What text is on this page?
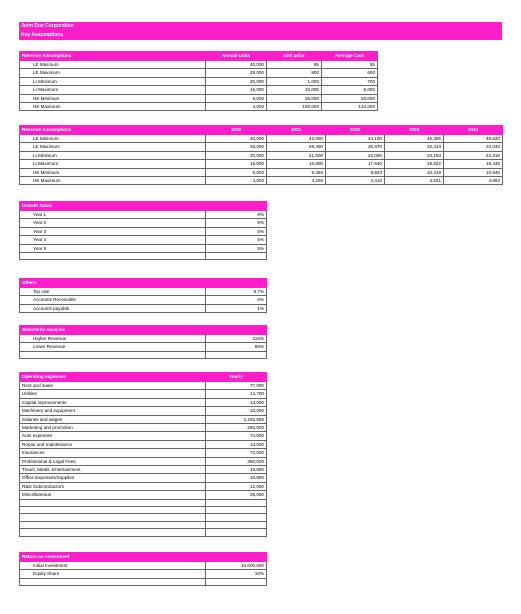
John Doe Corporation
Key Assumptions
Revenue Assumptions	Annual Units	Unit price	Average Cost
LE Minimum	40,000	95	55
LE Maximum	28,000	800	600
LI Minimum	20,000	1,000	700
LI Maximum	16,000	10,000	8,000
HE Minimum	9,000	25,000	20,000
HE Maximum	4,000	150,000	142,000
Revenue Assumptions	2020	2021	2022	2023	2024
LE Minimum	40,000	42,000	44,100	46,305	48,620
LE Maximum	28,000	29,400	30,870	32,414	34,034
LI Minimum	20,000	21,000	22,050	23,153	24,310
LI Maximum	16,000	16,800	17,640	18,522	19,448
HE Minimum	9,000	9,450	9,923	10,419	10,940
HE Maximum	4,000	4,200	4,410	4,631	4,862
Growth Rates	
Year 1	0%
Year 2	5%
Year 3	5%
Year 4	5%
Year 5	5%

Others	
Tax rate	8.7%
Accounts Receivable	5%
Accounts payable	1%
Sensitivity Analysis	
Higher Revenue	115%
Lower Revenue	85%

Operating expenses	Yearly
Rent and lease	77,000
Utilities	14,700
Capital improvements	13,000
Machinery and equipment	10,000
Salaries and wages	1,292,580
Marketing and promotion	260,000
Auto expenses	74,000
Repair and maintenance	13,000
Insurances	72,000
Professional & Legal Fees	360,000
Travel, Meals, Entertainment	19,500
Office Expenses/Supplies	10,800
R&D Subcontractors	12,000
Miscellaneous	25,000

Return on Investment	
Initial Investment	10,000,000
Equity Share	10%
